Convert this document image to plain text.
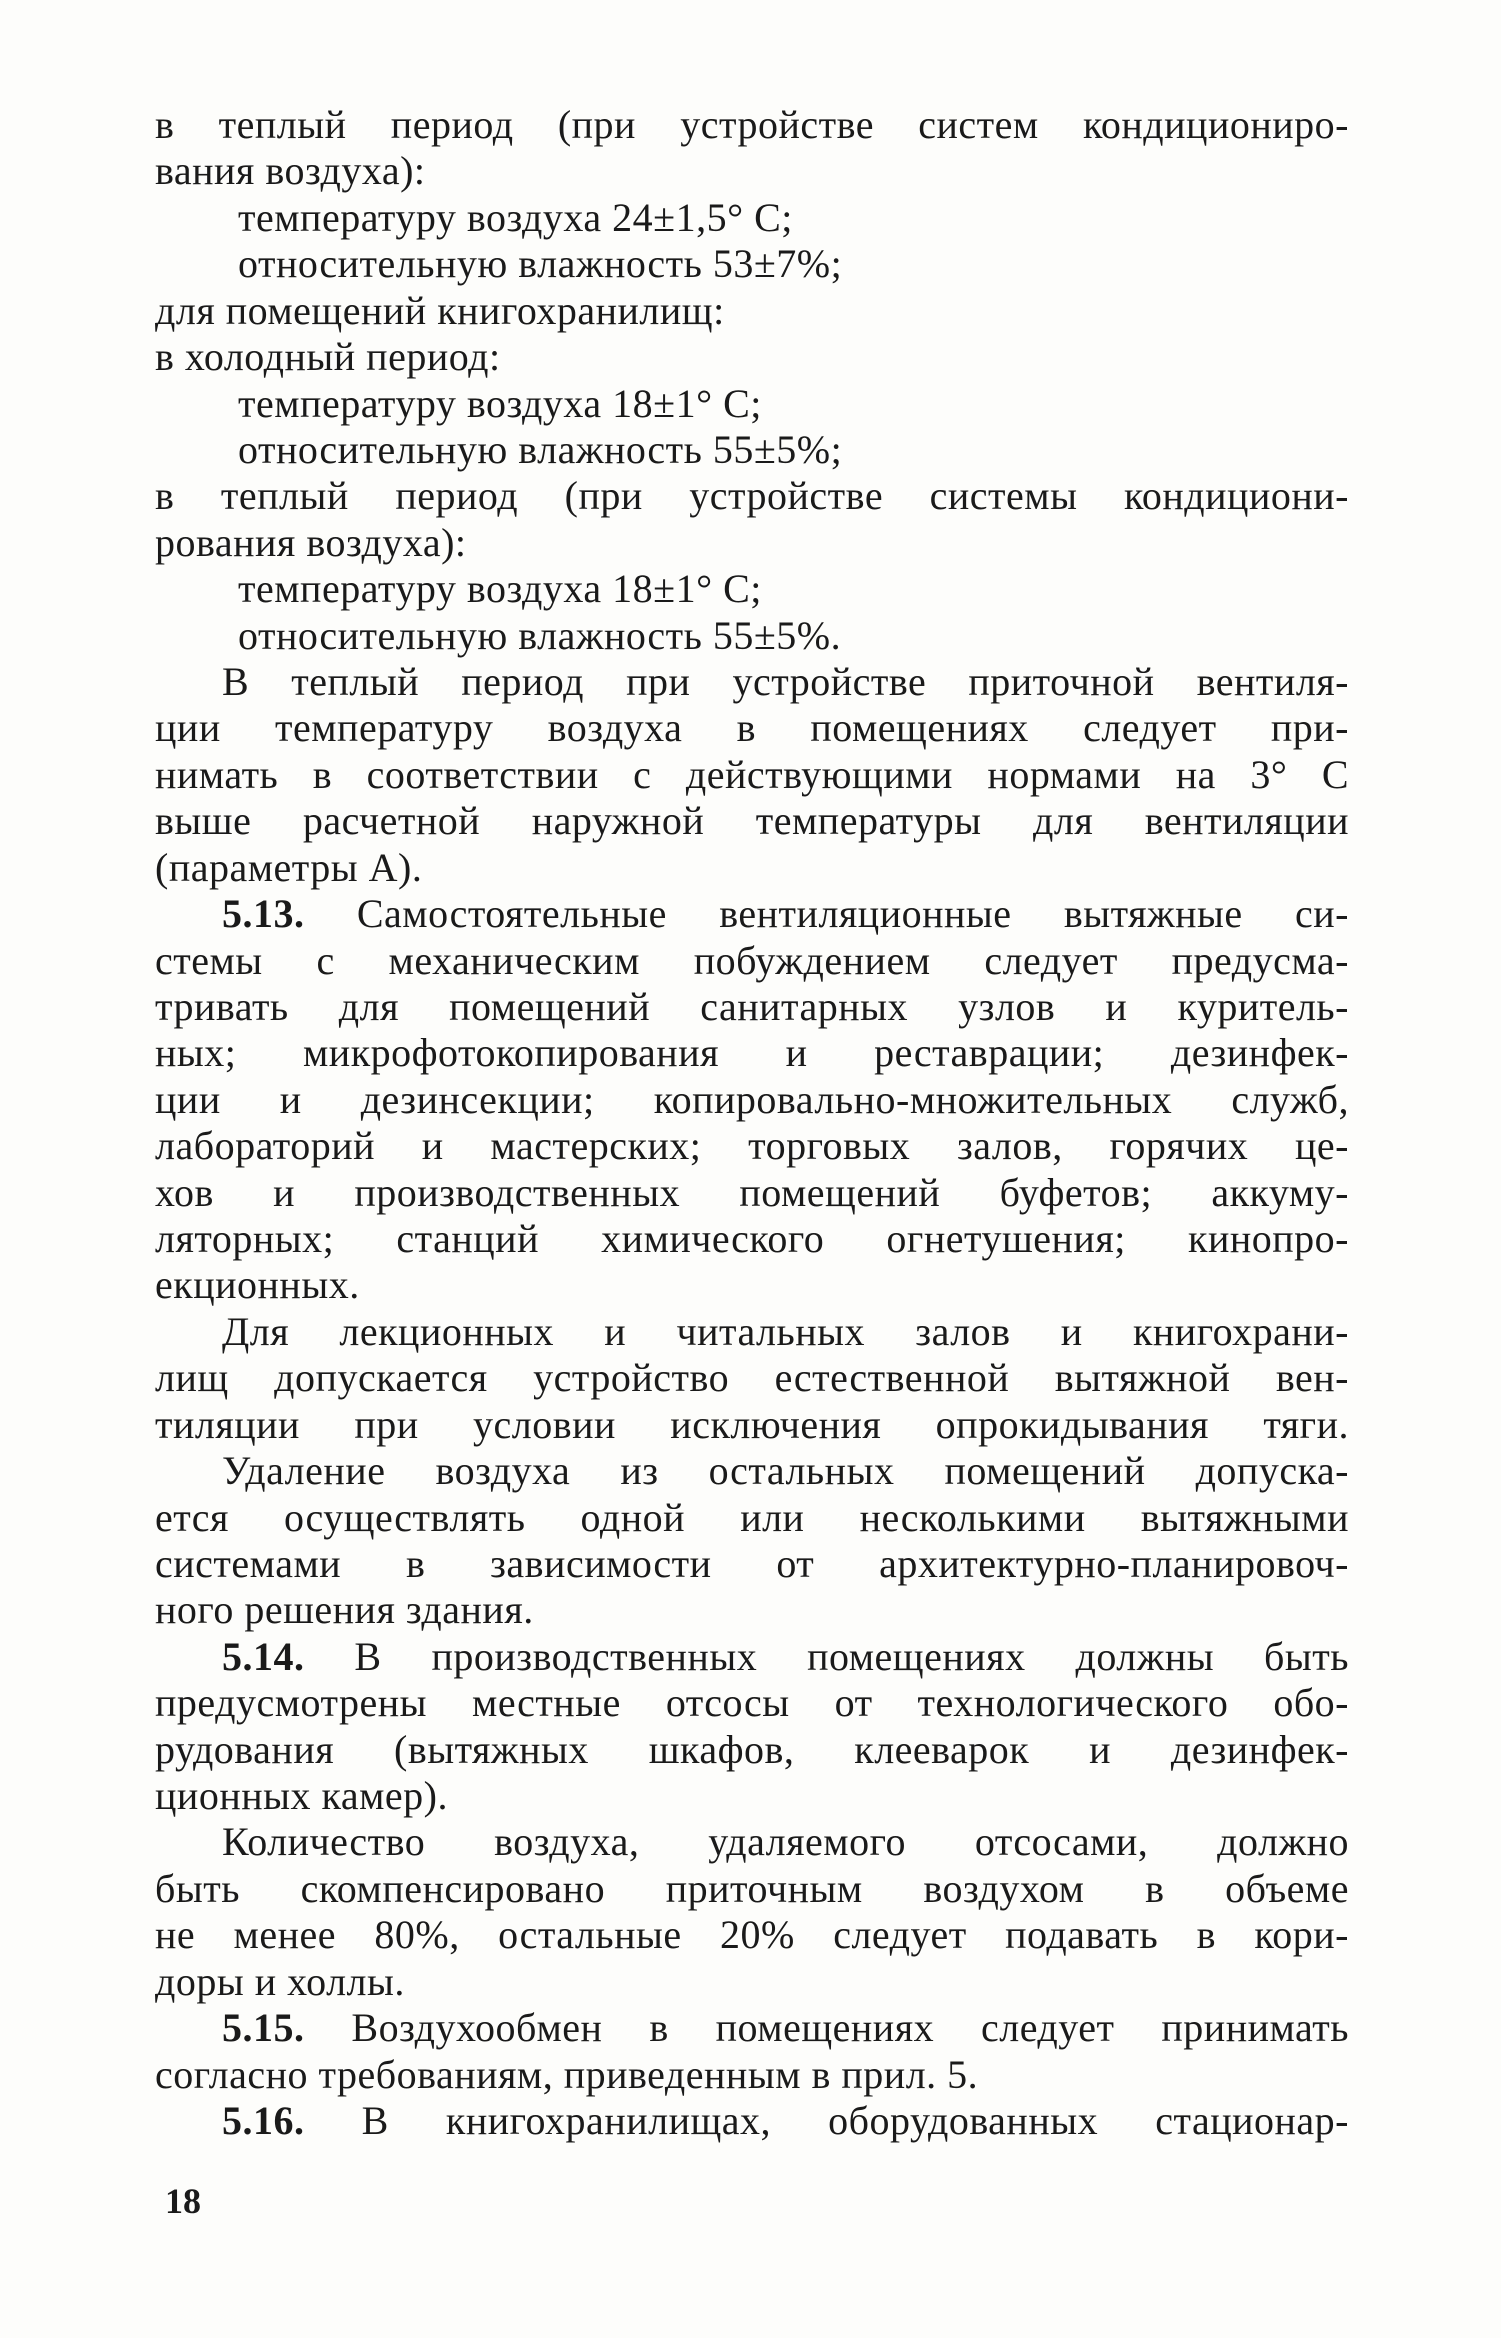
в теплый период (при устройстве систем кондициониро-
вания воздуха):
температуру воздуха 24±1,5° С;
относительную влажность 53±7%;
для помещений книгохранилищ:
в холодный период:
температуру воздуха 18±1° С;
относительную влажность 55±5%;
в теплый период (при устройстве системы кондициони-
рования воздуха):
температуру воздуха 18±1° С;
относительную влажность 55±5%.
В теплый период при устройстве приточной вентиля-
ции температуру воздуха в помещениях следует при-
нимать в соответствии с действующими нормами на 3° С
выше расчетной наружной температуры для вентиляции
(параметры А).
5.13. Самостоятельные вентиляционные вытяжные си-
стемы с механическим побуждением следует предусма-
тривать для помещений санитарных узлов и куритель-
ных; микрофотокопирования и реставрации; дезинфек-
ции и дезинсекции; копировально-множительных служб,
лабораторий и мастерских; торговых залов, горячих це-
хов и производственных помещений буфетов; аккуму-
ляторных; станций химического огнетушения; кинопро-
екционных.
Для лекционных и читальных залов и книгохрани-
лищ допускается устройство естественной вытяжной вен-
тиляции при условии исключения опрокидывания тяги.
Удаление воздуха из остальных помещений допуска-
ется осуществлять одной или несколькими вытяжными
системами в зависимости от архитектурно-планировоч-
ного решения здания.
5.14. В производственных помещениях должны быть
предусмотрены местные отсосы от технологического обо-
рудования (вытяжных шкафов, клееварок и дезинфек-
ционных камер).
18
Количество воздуха, удаляемого отсосами, должно
быть скомпенсировано приточным воздухом в объеме
не менее 80%, остальные 20% следует подавать в кори-
доры и холлы.
5.15. Воздухообмен в помещениях следует принимать
согласно требованиям, приведенным в прил. 5.
5.16. В книгохранилищах, оборудованных стационар-
